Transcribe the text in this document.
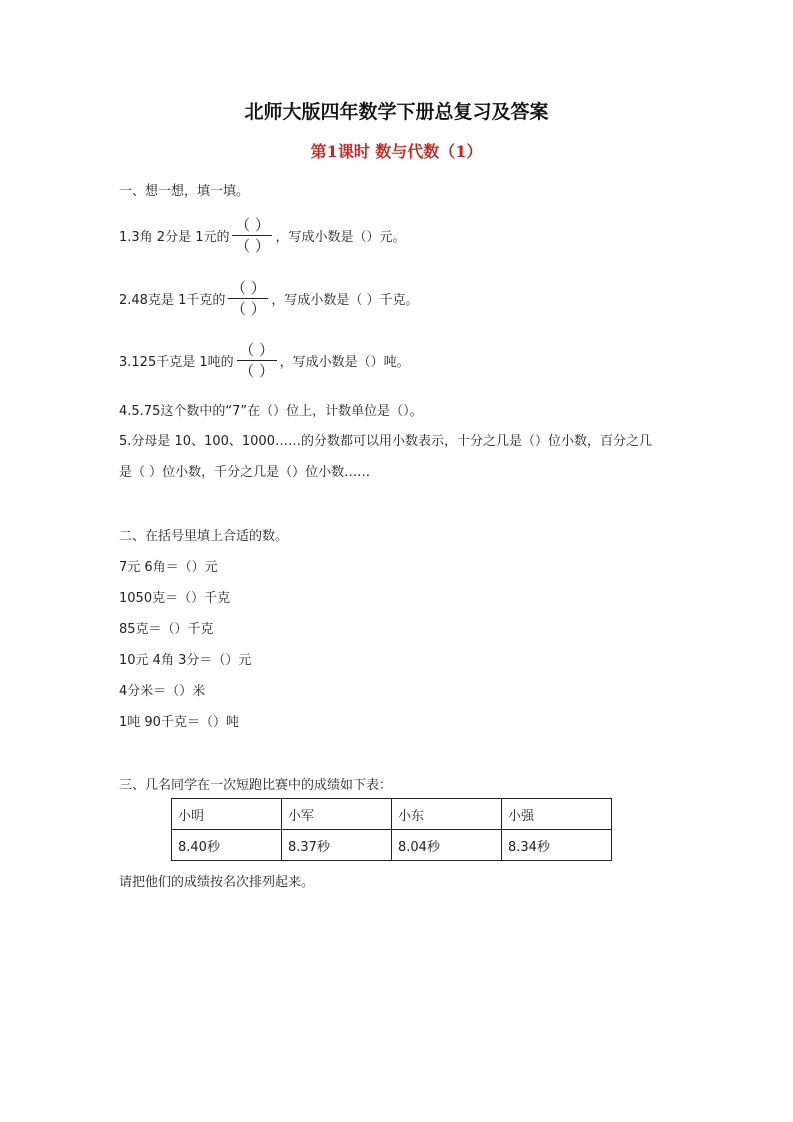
北师大版四年数学下册总复习及答案
第1课时 数与代数（1）
一、想一想，填一填。
1.3角 2分是 1元的 $\frac{( )}{( )}$ ，写成小数是（）元。
2.48克是 1千克的 $\frac{( )}{( )}$ ，写成小数是（ ）千克。
3.125千克是 1吨的 $\frac{( )}{( )}$ ，写成小数是（）吨。
4.5.75这个数中的“7”在（）位上，计数单位是（）。
5.分母是 10、100、1000……的分数都可以用小数表示，十分之几是（）位小数，百分之几
是（ ）位小数，千分之几是（）位小数……
二、在括号里填上合适的数。
7元 6角＝（）元
1050克＝（）千克
85克＝（）千克
10元 4角 3分＝（）元
4分米＝（）米
1吨 90千克＝（）吨
三、几名同学在一次短跑比赛中的成绩如下表：
小明	小军	小东	小强
8.40秒	8.37秒	8.04秒	8.34秒
请把他们的成绩按名次排列起来。
